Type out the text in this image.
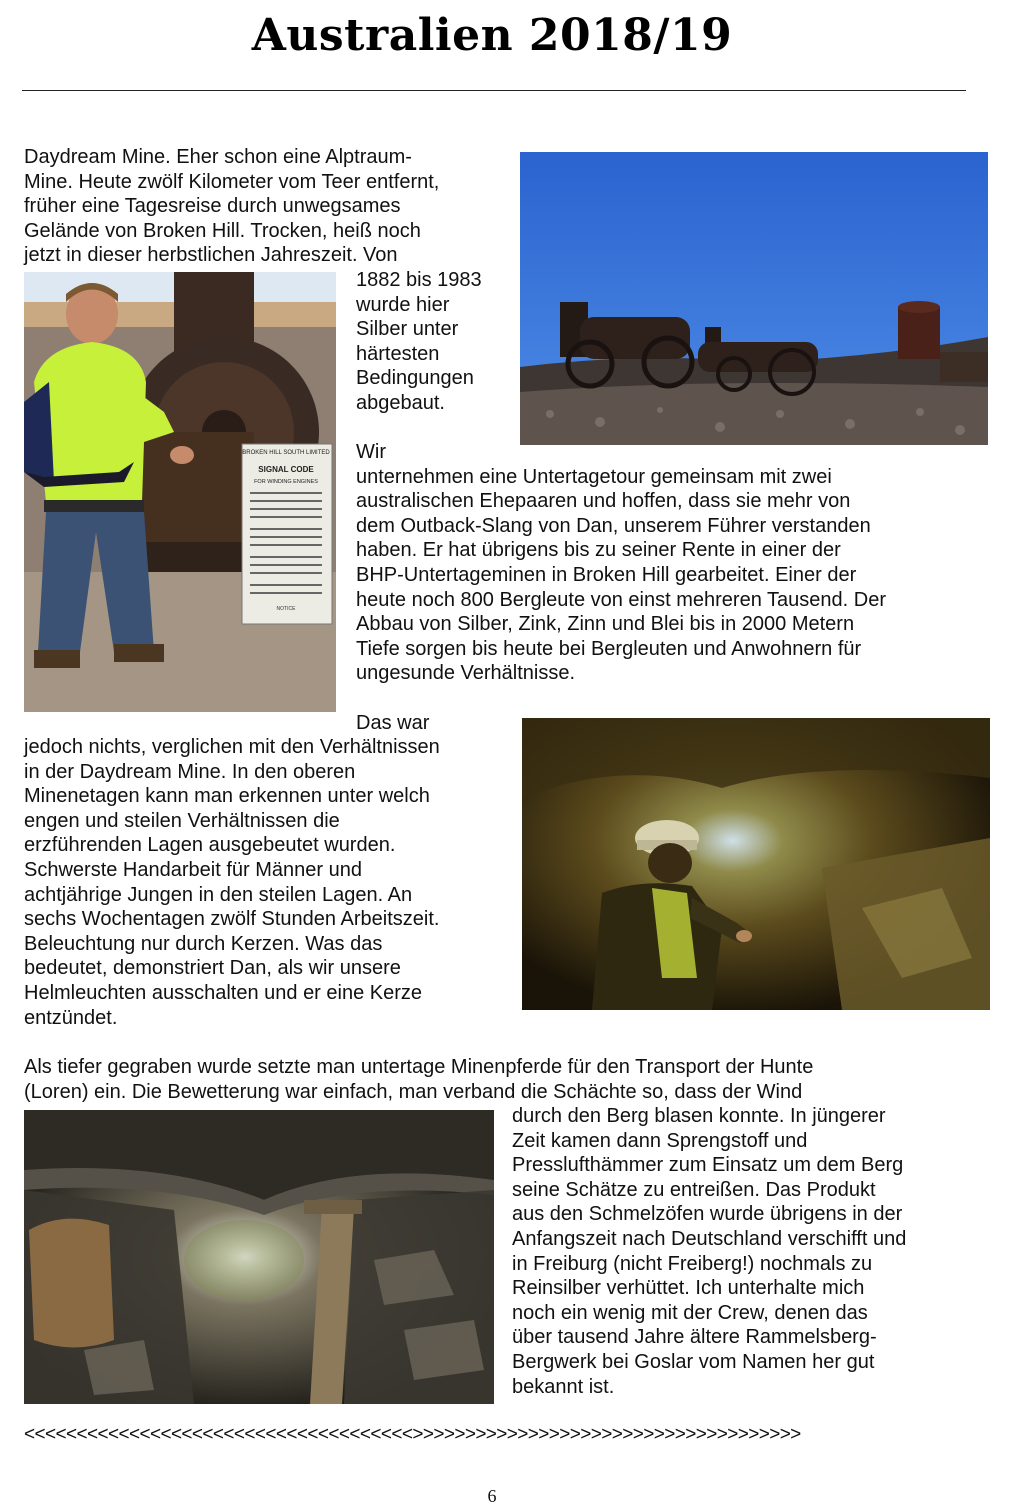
Australien 2018/19

Daydream Mine. Eher schon eine Alptraum-
Mine. Heute zwölf Kilometer vom Teer entfernt,
früher eine Tagesreise durch unwegsames
Gelände von Broken Hill. Trocken, heiß noch
jetzt in dieser herbstlichen Jahreszeit. Von

1882 bis 1983
wurde hier
Silber unter
härtesten
Bedingungen
abgebaut.

BROKEN HILL SOUTH LIMITED
SIGNAL CODE
FOR WINDING ENGINES
NOTICE

Wir
unternehmen eine Untertagetour gemeinsam mit zwei
australischen Ehepaaren und hoffen, dass sie mehr von
dem Outback-Slang von Dan, unserem Führer verstanden
haben. Er hat übrigens bis zu seiner Rente in einer der
BHP-Untertageminen in Broken Hill gearbeitet. Einer der
heute noch 800 Bergleute von einst mehreren Tausend. Der
Abbau von Silber, Zink, Zinn und Blei bis in 2000 Metern
Tiefe sorgen bis heute bei Bergleuten und Anwohnern für
ungesunde Verhältnisse.

Das war

jedoch nichts, verglichen mit den Verhältnissen
in der Daydream Mine. In den oberen
Minenetagen kann man erkennen unter welch
engen und steilen Verhältnissen die
erzführenden Lagen ausgebeutet wurden.
Schwerste Handarbeit für Männer und
achtjährige Jungen in den steilen Lagen. An
sechs Wochentagen zwölf Stunden Arbeitszeit.
Beleuchtung nur durch Kerzen. Was das
bedeutet, demonstriert Dan, als wir unsere
Helmleuchten ausschalten und er eine Kerze
entzündet.

Als tiefer gegraben wurde setzte man untertage Minenpferde für den Transport der Hunte
(Loren) ein. Die Bewetterung war einfach, man verband die Schächte so, dass der Wind

durch den Berg blasen konnte. In jüngerer
Zeit kamen dann Sprengstoff und
Presslufthämmer zum Einsatz um dem Berg
seine Schätze zu entreißen. Das Produkt
aus den Schmelzöfen wurde übrigens in der
Anfangszeit nach Deutschland verschifft und
in Freiburg (nicht Freiberg!) nochmals zu
Reinsilber verhüttet. Ich unterhalte mich
noch ein wenig mit der Crew, denen das
über tausend Jahre ältere Rammelsberg-
Bergwerk bei Goslar vom Namen her gut
bekannt ist.

<<<<<<<<<<<<<<<<<<<<<<<<<<<<<<<<<<<<<>>>>>>>>>>>>>>>>>>>>>>>>>>>>>>>>>>>>>
6
